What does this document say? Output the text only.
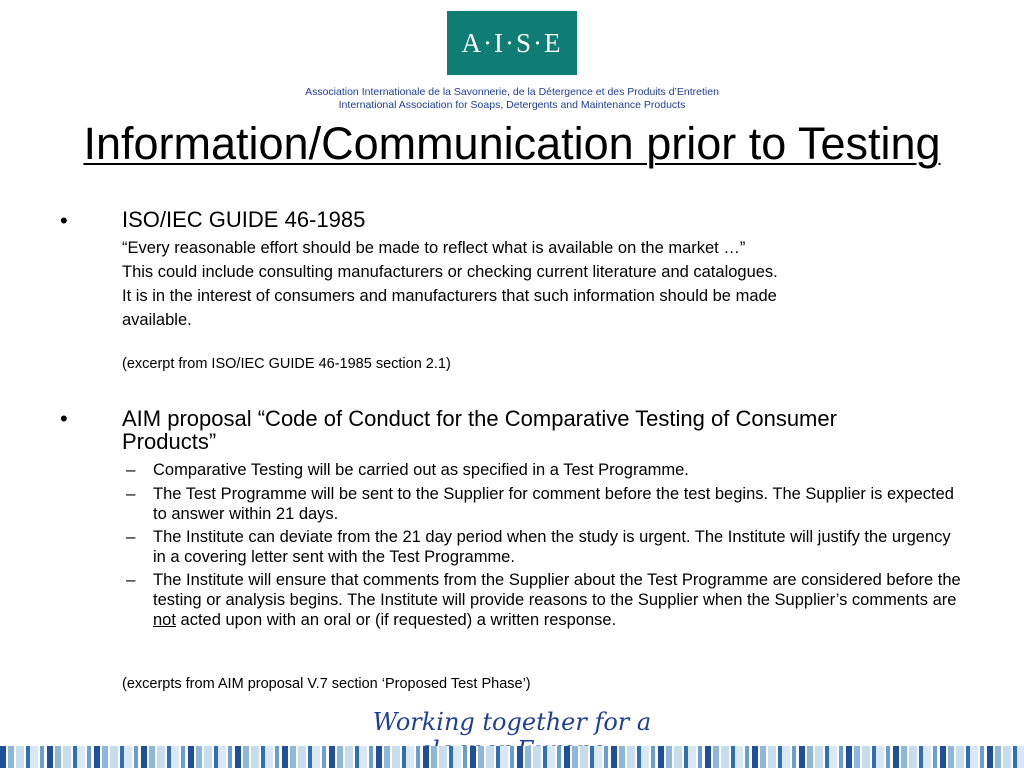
A·I·S·E
Association Internationale de la Savonnerie, de la Détergence et des Produits d’Entretien
International Association for Soaps, Detergents and Maintenance Products
Information/Communication prior to Testing
• ISO/IEC GUIDE 46-1985
“Every reasonable effort should be made to reflect what is available on the market …”
This could include consulting manufacturers or checking current literature and catalogues.
It is in the interest of consumers and manufacturers that such information should be made
available.
(excerpt from ISO/IEC GUIDE 46-1985 section 2.1)
• AIM proposal “Code of Conduct for the Comparative Testing of Consumer
Products”
– Comparative Testing will be carried out as specified in a Test Programme.
– The Test Programme will be sent to the Supplier for comment before the test begins. The Supplier is expected to answer within 21 days.
– The Institute can deviate from the 21 day period when the study is urgent. The Institute will justify the urgency in a covering letter sent with the Test Programme.
– The Institute will ensure that comments from the Supplier about the Test Programme are considered before the testing or analysis begins. The Institute will provide reasons to the Supplier when the Supplier’s comments are not acted upon with an oral or (if requested) a written response.
(excerpts from AIM proposal V.7 section ‘Proposed Test Phase’)
Working together for a
